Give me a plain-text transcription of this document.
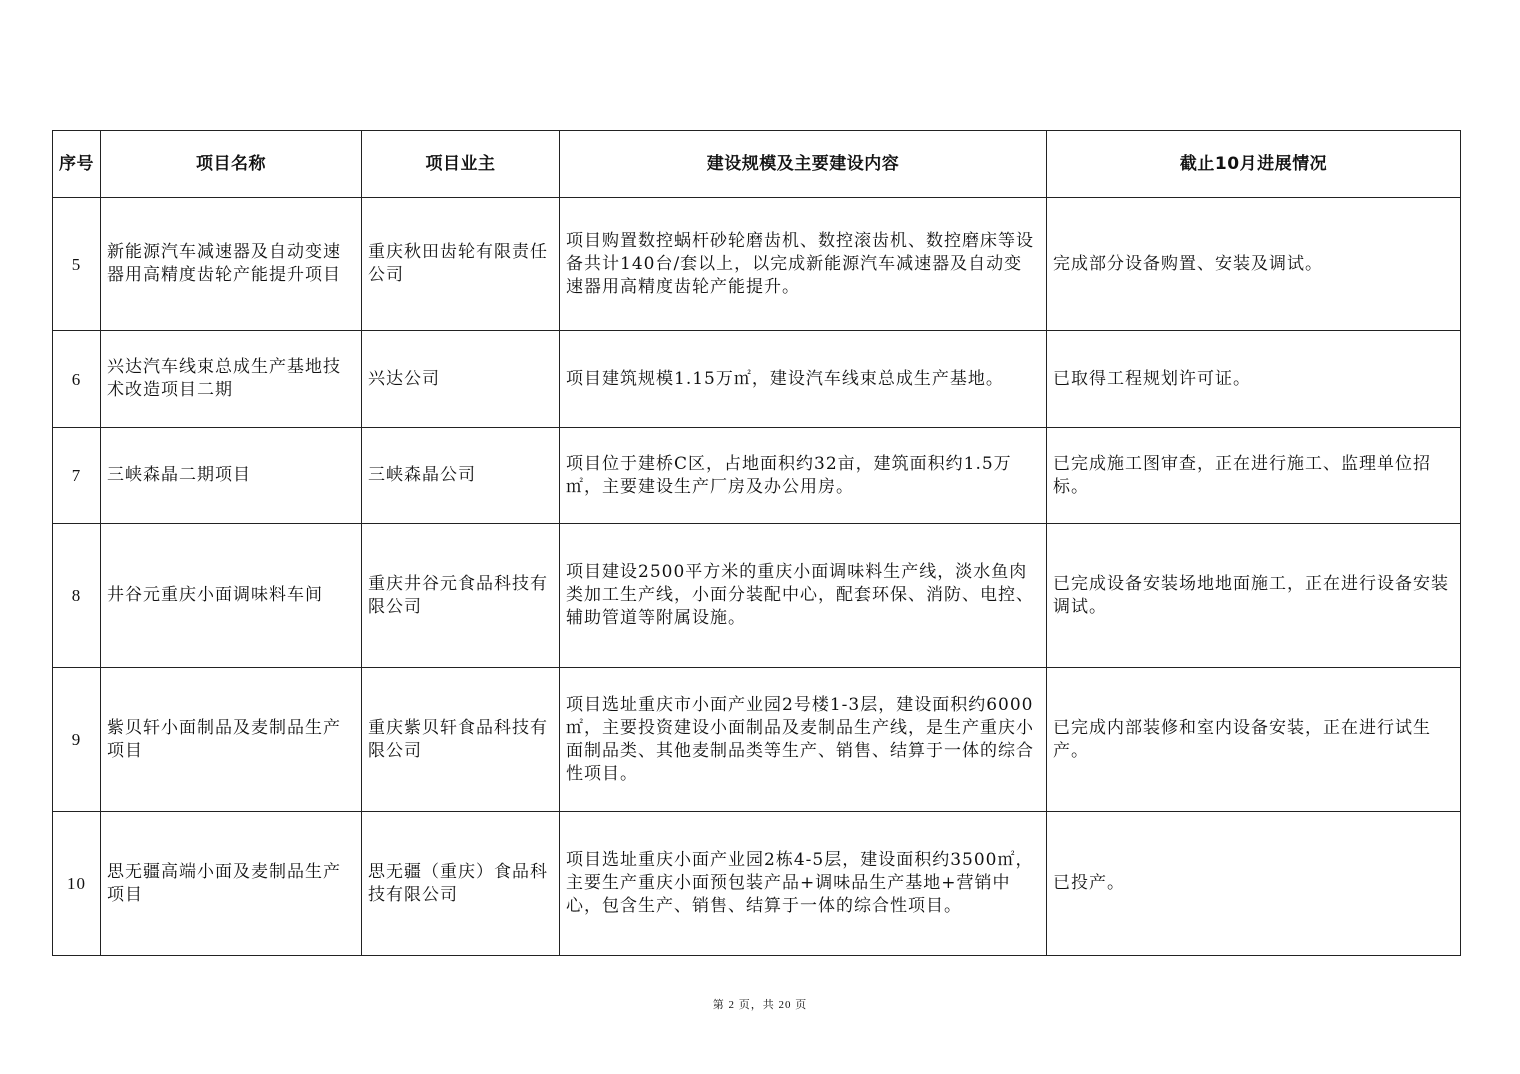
序号	项目名称	项目业主	建设规模及主要建设内容	截止10月进展情况
5	新能源汽车减速器及自动变速器用高精度齿轮产能提升项目	重庆秋田齿轮有限责任公司	项目购置数控蜗杆砂轮磨齿机、数控滚齿机、数控磨床等设备共计140台/套以上，以完成新能源汽车减速器及自动变速器用高精度齿轮产能提升。	完成部分设备购置、安装及调试。
6	兴达汽车线束总成生产基地技术改造项目二期	兴达公司	项目建筑规模1.15万㎡，建设汽车线束总成生产基地。	已取得工程规划许可证。
7	三峡森晶二期项目	三峡森晶公司	项目位于建桥C区，占地面积约32亩，建筑面积约1.5万㎡，主要建设生产厂房及办公用房。	已完成施工图审查，正在进行施工、监理单位招标。
8	井谷元重庆小面调味料车间	重庆井谷元食品科技有限公司	项目建设2500平方米的重庆小面调味料生产线，淡水鱼肉类加工生产线，小面分装配中心，配套环保、消防、电控、辅助管道等附属设施。	已完成设备安装场地地面施工，正在进行设备安装调试。
9	紫贝轩小面制品及麦制品生产项目	重庆紫贝轩食品科技有限公司	项目选址重庆市小面产业园2号楼1-3层，建设面积约6000㎡，主要投资建设小面制品及麦制品生产线，是生产重庆小面制品类、其他麦制品类等生产、销售、结算于一体的综合性项目。	已完成内部装修和室内设备安装，正在进行试生产。
10	思无疆高端小面及麦制品生产项目	思无疆（重庆）食品科技有限公司	项目选址重庆小面产业园2栋4-5层，建设面积约3500㎡，主要生产重庆小面预包装产品+调味品生产基地+营销中心，包含生产、销售、结算于一体的综合性项目。	已投产。
第 2 页，共 20 页
